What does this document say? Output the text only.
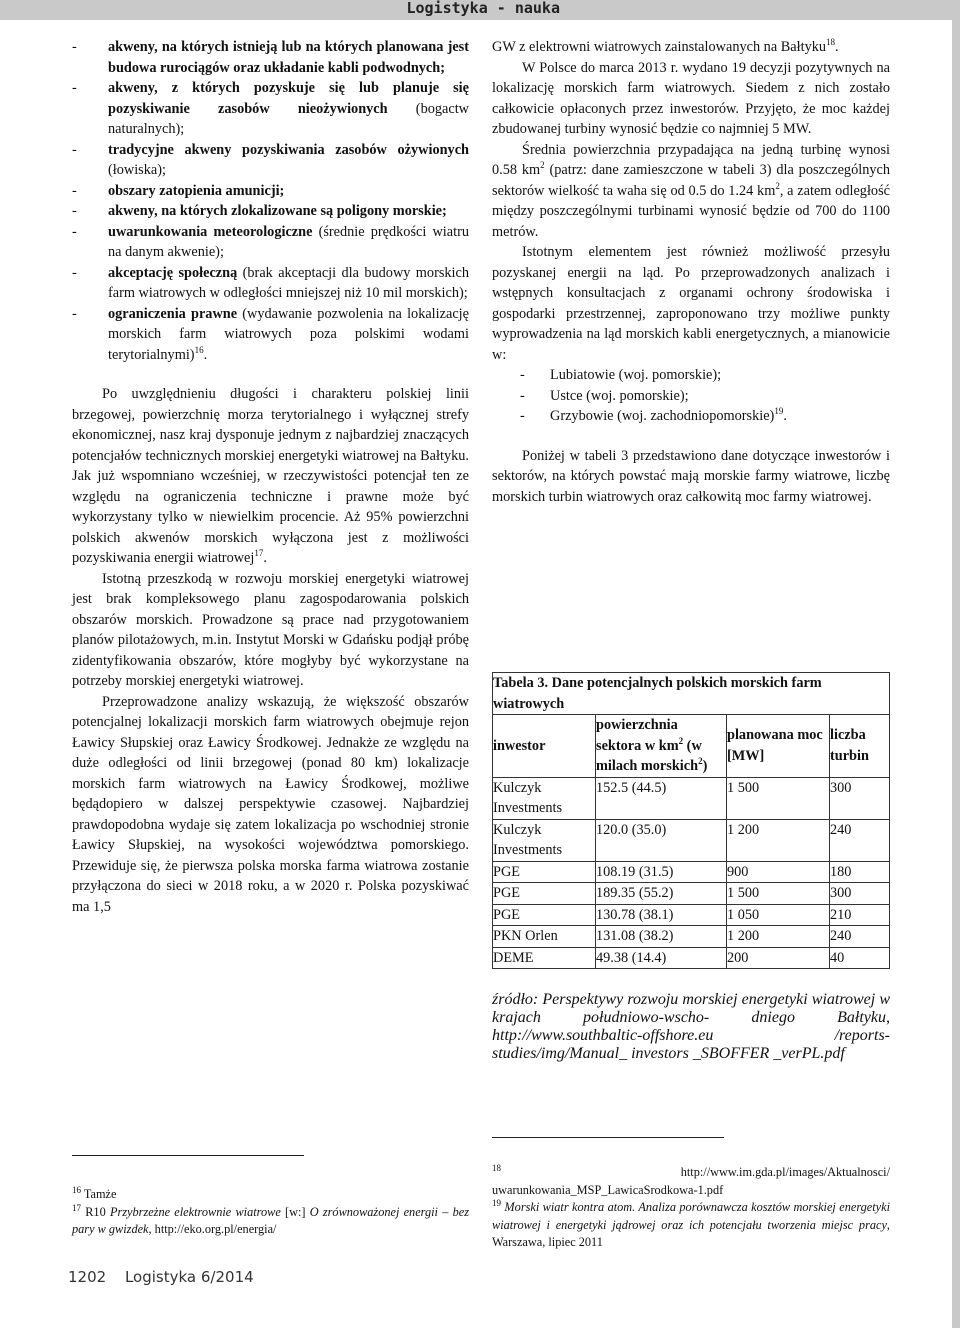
Logistyka - nauka
- akweny, na których istnieją lub na których planowana jest budowa rurociągów oraz układanie kabli podwodnych;
- akweny, z których pozyskuje się lub planuje się pozyskiwanie zasobów nieożywionych (bogactw naturalnych);
- tradycyjne akweny pozyskiwania zasobów ożywionych (łowiska);
- obszary zatopienia amunicji;
- akweny, na których zlokalizowane są poligony morskie;
- uwarunkowania meteorologiczne (średnie prędkości wiatru na danym akwenie);
- akceptację społeczną (brak akceptacji dla budowy morskich farm wiatrowych w odległości mniejszej niż 10 mil morskich);
- ograniczenia prawne (wydawanie pozwolenia na lokalizację morskich farm wiatrowych poza polskimi wodami terytorialnymi)$^{16}$.

Po uwzględnieniu długości i charakteru polskiej linii brzegowej, powierzchnię morza terytorialnego i wyłącznej strefy ekonomicznej, nasz kraj dysponuje jednym z najbardziej znaczących potencjałów technicznych morskiej energetyki wiatrowej na Bałtyku. Jak już wspomniano wcześniej, w rzeczywistości potencjał ten ze względu na ograniczenia techniczne i prawne może być wykorzystany tylko w niewielkim procencie. Aż 95% powierzchni polskich akwenów morskich wyłączona jest z możliwości pozyskiwania energii wiatrowej$^{17}$.

Istotną przeszkodą w rozwoju morskiej energetyki wiatrowej jest brak kompleksowego planu zagospodarowania polskich obszarów morskich. Prowadzone są prace nad przygotowaniem planów pilotażowych, m.in. Instytut Morski w Gdańsku podjął próbę zidentyfikowania obszarów, które mogłyby być wykorzystane na potrzeby morskiej energetyki wiatrowej.

Przeprowadzone analizy wskazują, że większość obszarów potencjalnej lokalizacji morskich farm wiatrowych obejmuje rejon Ławicy Słupskiej oraz Ławicy Środkowej. Jednakże ze względu na duże odległości od linii brzegowej (ponad 80 km) lokalizacje morskich farm wiatrowych na Ławicy Środkowej, możliwe będądopiero w dalszej perspektywie czasowej. Najbardziej prawdopodobna wydaje się zatem lokalizacja po wschodniej stronie Ławicy Słupskiej, na wysokości województwa pomorskiego. Przewiduje się, że pierwsza polska morska farma wiatrowa zostanie przyłączona do sieci w 2018 roku, a w 2020 r. Polska pozyskiwać ma 1,5

GW z elektrowni wiatrowych zainstalowanych na Bałtyku$^{18}$.

W Polsce do marca 2013 r. wydano 19 decyzji pozytywnych na lokalizację morskich farm wiatrowych. Siedem z nich zostało całkowicie opłaconych przez inwestorów. Przyjęto, że moc każdej zbudowanej turbiny wynosić będzie co najmniej 5 MW.

Średnia powierzchnia przypadająca na jedną turbinę wynosi 0.58 $km^2$ (patrz: dane zamieszczone w tabeli 3) dla poszczególnych sektorów wielkość ta waha się od 0.5 do 1.24 $km^2$, a zatem odległość między poszczególnymi turbinami wynosić będzie od 700 do 1100 metrów.

Istotnym elementem jest również możliwość przesyłu pozyskanej energii na ląd. Po przeprowadzonych analizach i wstępnych konsultacjach z organami ochrony środowiska i gospodarki przestrzennej, zaproponowano trzy możliwe punkty wyprowadzenia na ląd morskich kabli energetycznych, a mianowicie w:

- Lubiatowie (woj. pomorskie);
- Ustce (woj. pomorskie);
- Grzybowie (woj. zachodniopomorskie)$^{19}$.

Poniżej w tabeli 3 przedstawiono dane dotyczące inwestorów i sektorów, na których powstać mają morskie farmy wiatrowe, liczbę morskich turbin wiatrowych oraz całkowitą moc farmy wiatrowej.

Tabela 3. Dane potencjalnych polskich morskich farm wiatrowych			
inwestor	powierzchnia sektora w $km^2$ (w milach morskich$^2$)	planowana moc [MW]	liczba turbin
Kulczyk Investments	152.5 (44.5)	1 500	300
Kulczyk Investments	120.0 (35.0)	1 200	240
PGE	108.19 (31.5)	900	180
PGE	189.35 (55.2)	1 500	300
PGE	130.78 (38.1)	1 050	210
PKN Orlen	131.08 (38.2)	1 200	240
DEME	49.38 (14.4)	200	40

źródło: Perspektywy rozwoju morskiej energetyki wiatrowej w krajach południowo-wscho- dniego Bałtyku, http://www.southbaltic-offshore.eu /reports-studies/img/Manual_ investors _SBOFFER _verPL.pdf

$^{16}$ Tamże

$^{17}$ R10 Przybrzeżne elektrownie wiatrowe [w:] O zrównoważonej energii – bez pary w gwizdek, http://eko.org.pl/energia/

$^{18}$	http://www.im.gda.pl/images/Aktualnosci/ uwarunkowania_MSP_LawicaSrodkowa-1.pdf

$^{19}$ Morski wiatr kontra atom. Analiza porównawcza kosztów morskiej energetyki wiatrowej i energetyki jądrowej oraz ich potencjału tworzenia miejsc pracy, Warszawa, lipiec 2011

1202 Logistyka 6/2014
